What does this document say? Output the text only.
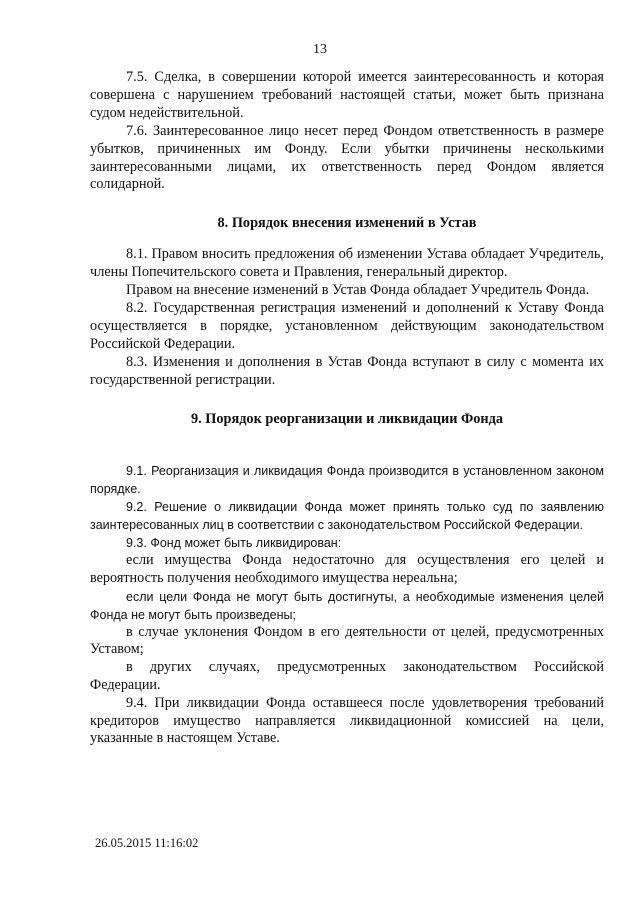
13

7.5. Сделка, в совершении которой имеется заинтересованность и которая совершена с нарушением требований настоящей статьи, может быть признана судом недействительной.

7.6. Заинтересованное лицо несет перед Фондом ответственность в размере убытков, причиненных им Фонду. Если убытки причинены несколькими заинтересованными лицами, их ответственность перед Фондом является солидарной.

8. Порядок внесения изменений в Устав

8.1. Правом вносить предложения об изменении Устава обладает Учредитель, члены Попечительского совета и Правления, генеральный директор.

Правом на внесение изменений в Устав Фонда обладает Учредитель Фонда.

8.2. Государственная регистрация изменений и дополнений к Уставу Фонда осуществляется в порядке, установленном действующим законодательством Российской Федерации.

8.3. Изменения и дополнения в Устав Фонда вступают в силу с момента их государственной регистрации.

9. Порядок реорганизации и ликвидации Фонда

9.1. Реорганизация и ликвидация Фонда производится в установленном законом порядке.

9.2. Решение о ликвидации Фонда может принять только суд по заявлению заинтересованных лиц в соответствии с законодательством Российской Федерации.

9.3. Фонд может быть ликвидирован:

если имущества Фонда недостаточно для осуществления его целей и вероятность получения необходимого имущества нереальна;

если цели Фонда не могут быть достигнуты, а необходимые изменения целей Фонда не могут быть произведены;

в случае уклонения Фондом в его деятельности от целей, предусмотренных Уставом;

в других случаях, предусмотренных законодательством Российской Федерации.

9.4. При ликвидации Фонда оставшееся после удовлетворения требований кредиторов имущество направляется ликвидационной комиссией на цели, указанные в настоящем Уставе.

26.05.2015 11:16:02
